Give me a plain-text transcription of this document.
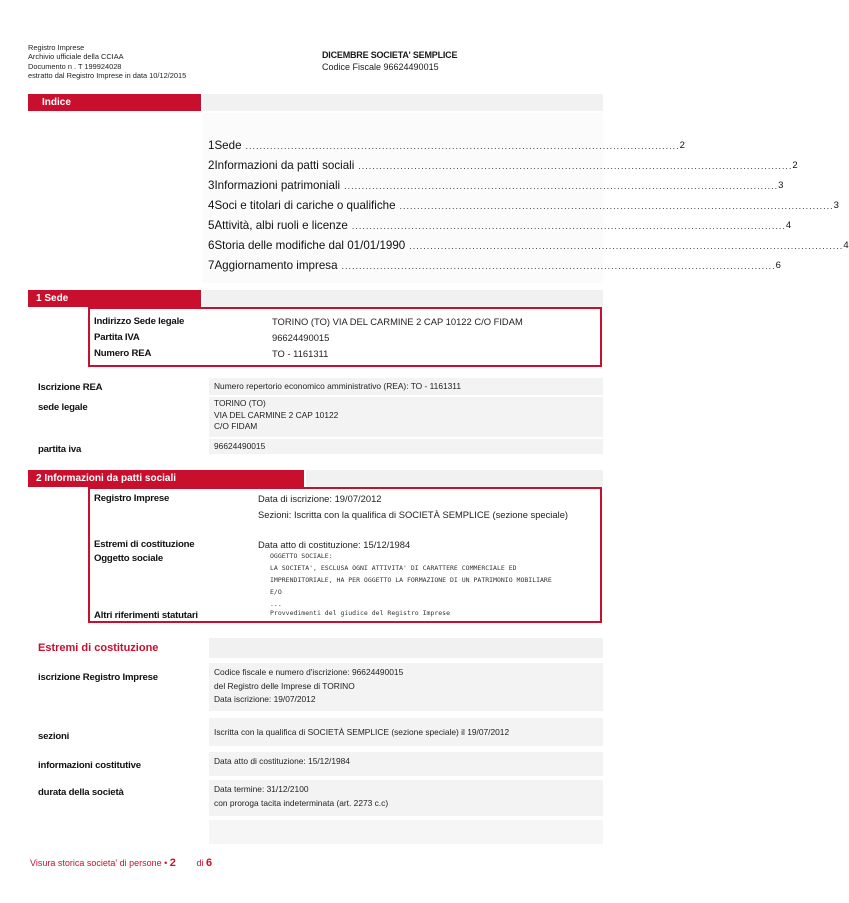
Registro Imprese
Archivio ufficiale della CCIAA
Documento n . T 199924028
estratto dal Registro Imprese in data 10/12/2015
DICEMBRE SOCIETA' SEMPLICE
Codice Fiscale 96624490015
Indice
1 Sede ............................................................................................................................ 2
2 Informazioni da patti sociali ............................................................................................................................ 2
3 Informazioni patrimoniali ............................................................................................................................ 3
4 Soci e titolari di cariche o qualifiche ............................................................................................................................ 3
5 Attività, albi ruoli e licenze ............................................................................................................................ 4
6 Storia delle modifiche dal 01/01/1990 ............................................................................................................................ 4
7 Aggiornamento impresa ............................................................................................................................ 6
1 Sede
Indirizzo Sede legale	TORINO (TO) VIA DEL CARMINE 2 CAP 10122 C/O FIDAM
Partita IVA	96624490015
Numero REA	TO - 1161311
Iscrizione REA	Numero repertorio economico amministrativo (REA): TO - 1161311
sede legale	TORINO (TO)
VIA DEL CARMINE 2 CAP 10122
C/O FIDAM
partita iva	96624490015
2 Informazioni da patti sociali
Registro Imprese	Data di iscrizione: 19/07/2012
Sezioni: Iscritta con la qualifica di SOCIETÀ SEMPLICE (sezione speciale)
Estremi di costituzione	Data atto di costituzione: 15/12/1984
Oggetto sociale	OGGETTO SOCIALE:
LA SOCIETA', ESCLUSA OGNI ATTIVITA' DI CARATTERE COMMERCIALE ED
IMPRENDITORIALE, HA PER OGGETTO LA FORMAZIONE DI UN PATRIMONIO MOBILIARE
E/O
...
Altri riferimenti statutari	Provvedimenti del giudice del Registro Imprese
Estremi di costituzione
iscrizione Registro Imprese	Codice fiscale e numero d'iscrizione: 96624490015
del Registro delle Imprese di TORINO
Data iscrizione: 19/07/2012
sezioni	Iscritta con la qualifica di SOCIETÀ SEMPLICE (sezione speciale) il 19/07/2012
informazioni costitutive	Data atto di costituzione: 15/12/1984
durata della società	Data termine: 31/12/2100
con proroga tacita indeterminata (art. 2273 c.c)
Visura storica societa' di persone • 2 di 6
